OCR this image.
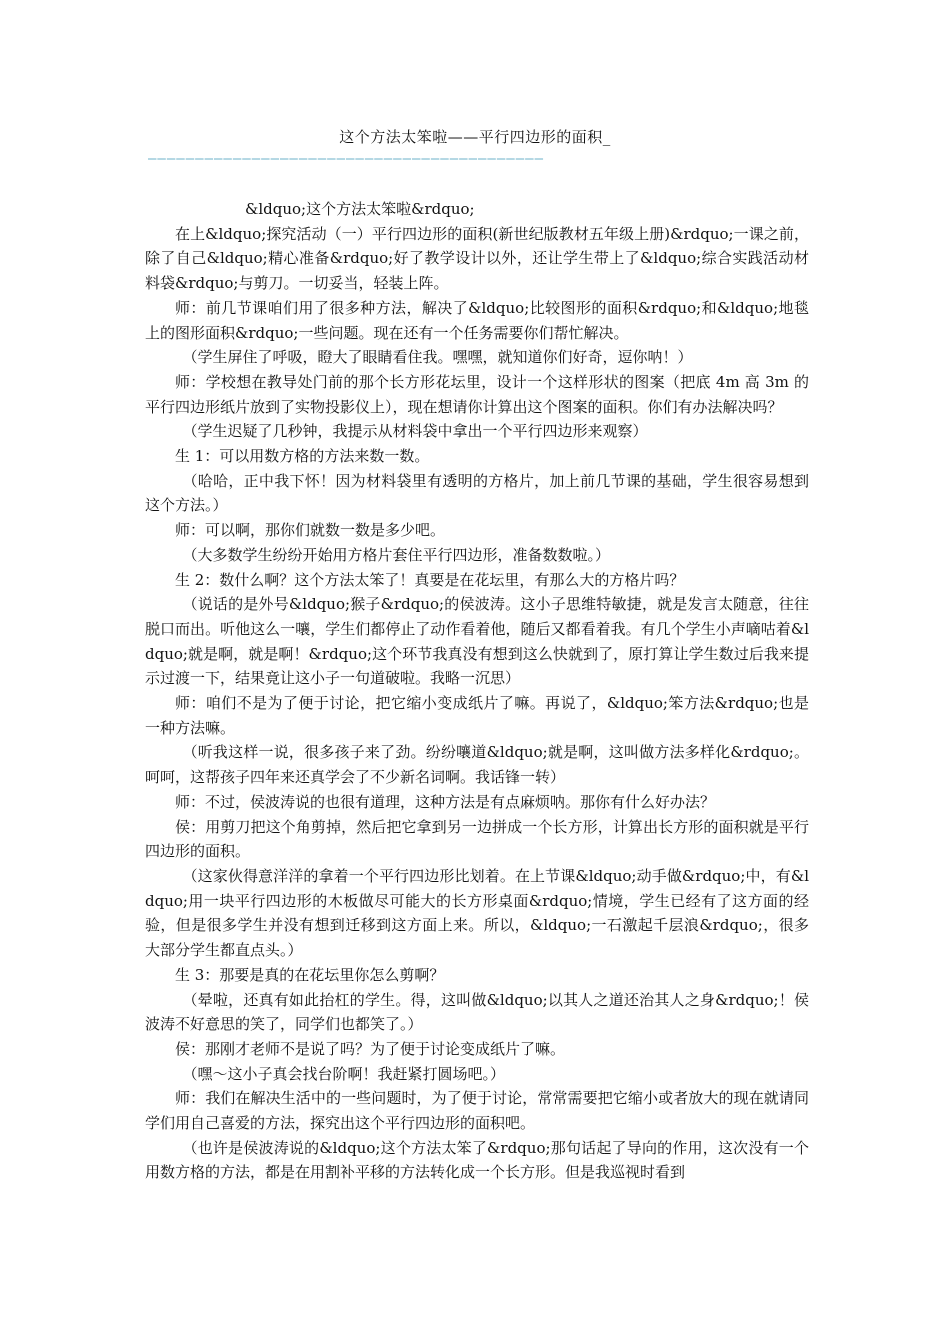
这个方法太笨啦——平行四边形的面积_
——————————————————————————————————————————

&ldquo;这个方法太笨啦&rdquo;

在上&ldquo;探究活动（一）平行四边形的面积(新世纪版教材五年级上册)&rdquo;一课之前，除了自己&ldquo;精心准备&rdquo;好了教学设计以外，还让学生带上了&ldquo;综合实践活动材料袋&rdquo;与剪刀。一切妥当，轻装上阵。

师：前几节课咱们用了很多种方法，解决了&ldquo;比较图形的面积&rdquo;和&ldquo;地毯上的图形面积&rdquo;一些问题。现在还有一个任务需要你们帮忙解决。

（学生屏住了呼吸，瞪大了眼睛看住我。嘿嘿，就知道你们好奇，逗你呐！）

师：学校想在教导处门前的那个长方形花坛里，设计一个这样形状的图案（把底 4m 高 3m 的平行四边形纸片放到了实物投影仪上），现在想请你计算出这个图案的面积。你们有办法解决吗？

（学生迟疑了几秒钟，我提示从材料袋中拿出一个平行四边形来观察）

生 1：可以用数方格的方法来数一数。

（哈哈，正中我下怀！因为材料袋里有透明的方格片，加上前几节课的基础，学生很容易想到这个方法。）

师：可以啊，那你们就数一数是多少吧。

（大多数学生纷纷开始用方格片套住平行四边形，准备数数啦。）

生 2：数什么啊？这个方法太笨了！真要是在花坛里，有那么大的方格片吗？

（说话的是外号&ldquo;猴子&rdquo;的侯波涛。这小子思维特敏捷，就是发言太随意，往往脱口而出。听他这么一嚷，学生们都停止了动作看着他，随后又都看着我。有几个学生小声嘀咕着&ldquo;就是啊，就是啊！&rdquo;这个环节我真没有想到这么快就到了，原打算让学生数过后我来提示过渡一下，结果竟让这小子一句道破啦。我略一沉思）

师：咱们不是为了便于讨论，把它缩小变成纸片了嘛。再说了，&ldquo;笨方法&rdquo;也是一种方法嘛。

（听我这样一说，很多孩子来了劲。纷纷嚷道&ldquo;就是啊，这叫做方法多样化&rdquo;。呵呵，这帮孩子四年来还真学会了不少新名词啊。我话锋一转）

师：不过，侯波涛说的也很有道理，这种方法是有点麻烦呐。那你有什么好办法？

侯：用剪刀把这个角剪掉，然后把它拿到另一边拼成一个长方形，计算出长方形的面积就是平行四边形的面积。

（这家伙得意洋洋的拿着一个平行四边形比划着。在上节课&ldquo;动手做&rdquo;中，有&ldquo;用一块平行四边形的木板做尽可能大的长方形桌面&rdquo;情境，学生已经有了这方面的经验，但是很多学生并没有想到迁移到这方面上来。所以，&ldquo;一石激起千层浪&rdquo;，很多大部分学生都直点头。）

生 3：那要是真的在花坛里你怎么剪啊？

（晕啦，还真有如此抬杠的学生。得，这叫做&ldquo;以其人之道还治其人之身&rdquo;！侯波涛不好意思的笑了，同学们也都笑了。）

侯：那刚才老师不是说了吗？为了便于讨论变成纸片了嘛。

（嘿～这小子真会找台阶啊！我赶紧打圆场吧。）

师：我们在解决生活中的一些问题时，为了便于讨论，常常需要把它缩小或者放大的现在就请同学们用自己喜爱的方法，探究出这个平行四边形的面积吧。

（也许是侯波涛说的&ldquo;这个方法太笨了&rdquo;那句话起了导向的作用，这次没有一个用数方格的方法，都是在用割补平移的方法转化成一个长方形。但是我巡视时看到
